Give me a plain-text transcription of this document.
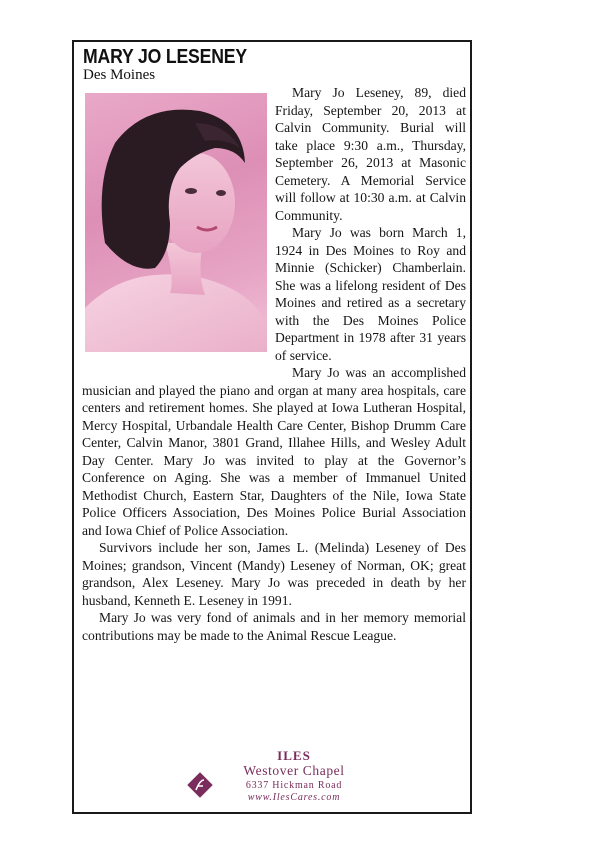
MARY JO LESENEY
Des Moines

Mary Jo Leseney, 89, died Friday, September 20, 2013 at Calvin Community. Burial will take place 9:30 a.m., Thursday, September 26, 2013 at Masonic Cemetery. A Memorial Service will follow at 10:30 a.m. at Calvin Community.

Mary Jo was born March 1, 1924 in Des Moines to Roy and Minnie (Schicker) Chamberlain. She was a lifelong resident of Des Moines and retired as a secretary with the Des Moines Police Department in 1978 after 31 years of service.

Mary Jo was an accomplished musician and played the piano and organ at many area hospitals, care centers and retirement homes. She played at Iowa Lutheran Hospital, Mercy Hospital, Urbandale Health Care Center, Bishop Drumm Care Center, Calvin Manor, 3801 Grand, Illahee Hills, and Wesley Adult Day Center. Mary Jo was invited to play at the Governor’s Conference on Aging. She was a member of Immanuel United Methodist Church, Eastern Star, Daughters of the Nile, Iowa State Police Officers Association, Des Moines Police Burial Association and Iowa Chief of Police Association.

Survivors include her son, James L. (Melinda) Leseney of Des Moines; grandson, Vincent (Mandy) Leseney of Norman, OK; great grandson, Alex Leseney. Mary Jo was preceded in death by her husband, Kenneth E. Leseney in 1991.

Mary Jo was very fond of animals and in her memory memorial contributions may be made to the Animal Rescue League.

ILES
Westover Chapel
6337 Hickman Road
www.IlesCares.com
